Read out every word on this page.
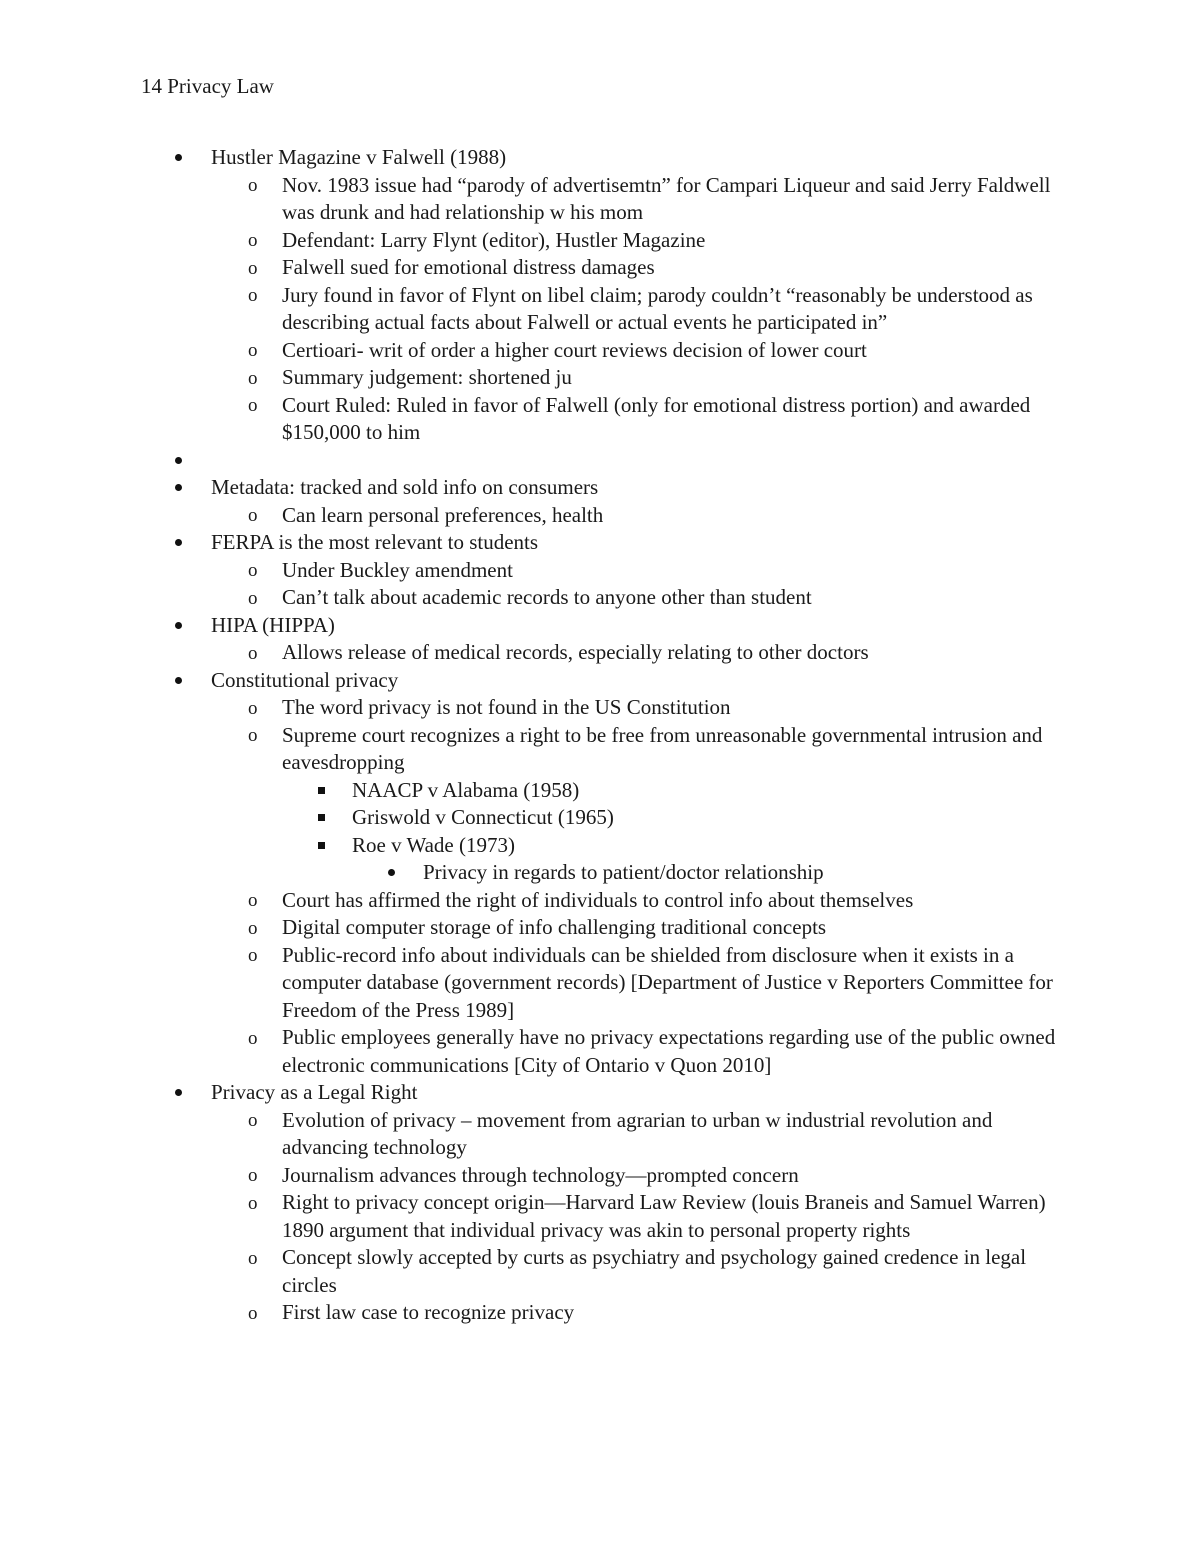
14 Privacy Law
Hustler Magazine v Falwell (1988)
o Nov. 1983 issue had “parody of advertisemtn” for Campari Liqueur and said Jerry Faldwell was drunk and had relationship w his mom
o Defendant: Larry Flynt (editor), Hustler Magazine
o Falwell sued for emotional distress damages
o Jury found in favor of Flynt on libel claim; parody couldn’t “reasonably be understood as describing actual facts about Falwell or actual events he participated in”
o Certioari- writ of order a higher court reviews decision of lower court
o Summary judgement: shortened ju
o Court Ruled: Ruled in favor of Falwell (only for emotional distress portion) and awarded $150,000 to him
Metadata: tracked and sold info on consumers
o Can learn personal preferences, health
FERPA is the most relevant to students
o Under Buckley amendment
o Can’t talk about academic records to anyone other than student
HIPA (HIPPA)
o Allows release of medical records, especially relating to other doctors
Constitutional privacy
o The word privacy is not found in the US Constitution
o Supreme court recognizes a right to be free from unreasonable governmental intrusion and eavesdropping
NAACP v Alabama (1958)
Griswold v Connecticut (1965)
Roe v Wade (1973)
Privacy in regards to patient/doctor relationship
o Court has affirmed the right of individuals to control info about themselves
o Digital computer storage of info challenging traditional concepts
o Public-record info about individuals can be shielded from disclosure when it exists in a computer database (government records) [Department of Justice v Reporters Committee for Freedom of the Press 1989]
o Public employees generally have no privacy expectations regarding use of the public owned electronic communications [City of Ontario v Quon 2010]
Privacy as a Legal Right
o Evolution of privacy – movement from agrarian to urban w industrial revolution and advancing technology
o Journalism advances through technology—prompted concern
o Right to privacy concept origin—Harvard Law Review (louis Braneis and Samuel Warren) 1890 argument that individual privacy was akin to personal property rights
o Concept slowly accepted by curts as psychiatry and psychology gained credence in legal circles
o First law case to recognize privacy
